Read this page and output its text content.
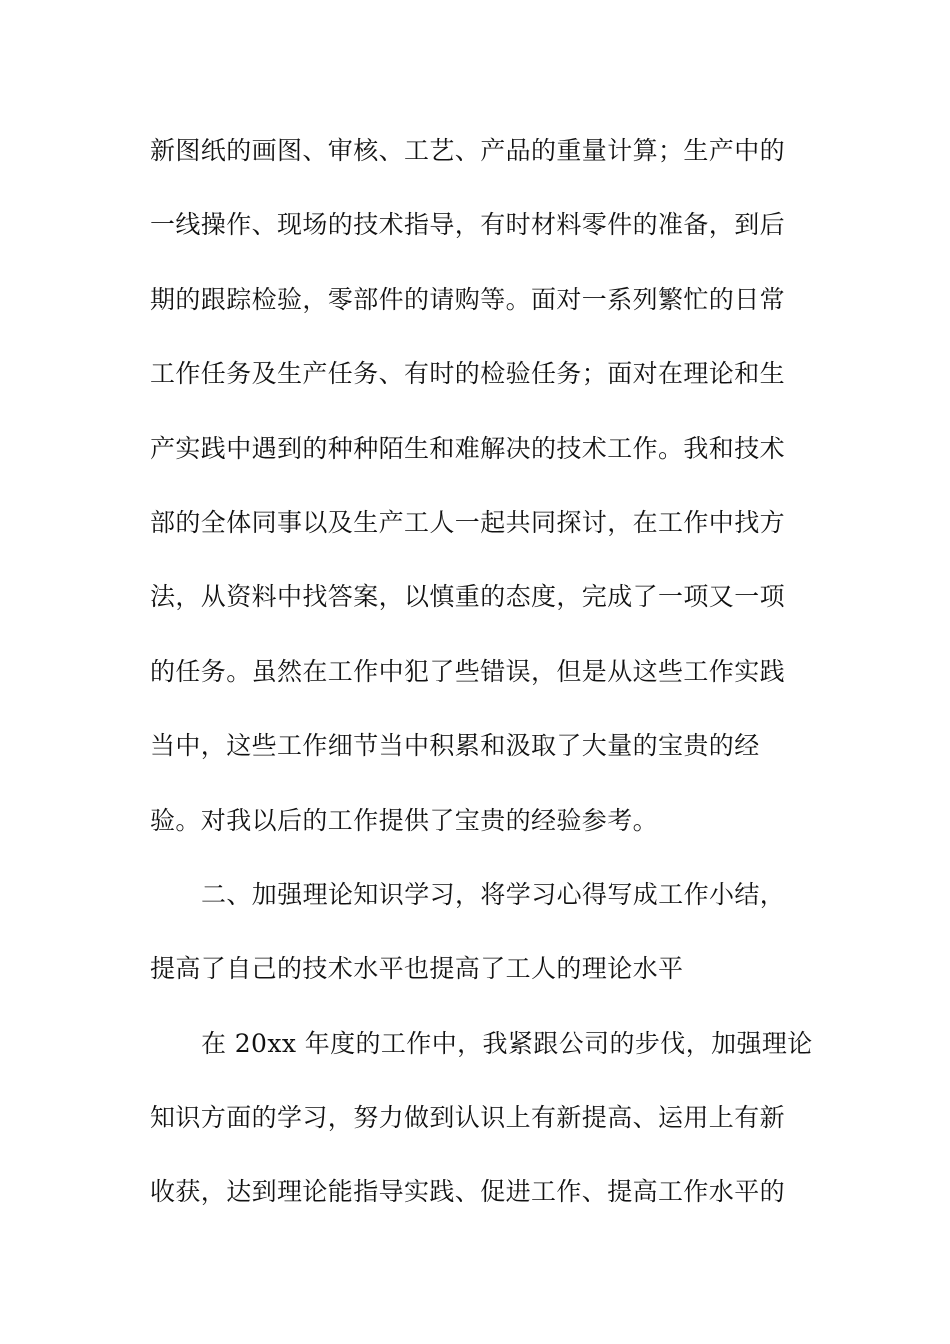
新图纸的画图、审核、工艺、产品的重量计算；生产中的
一线操作、现场的技术指导，有时材料零件的准备，到后
期的跟踪检验，零部件的请购等。面对一系列繁忙的日常
工作任务及生产任务、有时的检验任务；面对在理论和生
产实践中遇到的种种陌生和难解决的技术工作。我和技术
部的全体同事以及生产工人一起共同探讨，在工作中找方
法，从资料中找答案，以慎重的态度，完成了一项又一项
的任务。虽然在工作中犯了些错误，但是从这些工作实践
当中，这些工作细节当中积累和汲取了大量的宝贵的经
验。对我以后的工作提供了宝贵的经验参考。
二、加强理论知识学习，将学习心得写成工作小结，
提高了自己的技术水平也提高了工人的理论水平
在 20xx 年度的工作中，我紧跟公司的步伐，加强理论
知识方面的学习，努力做到认识上有新提高、运用上有新
收获，达到理论能指导实践、促进工作、提高工作水平的
